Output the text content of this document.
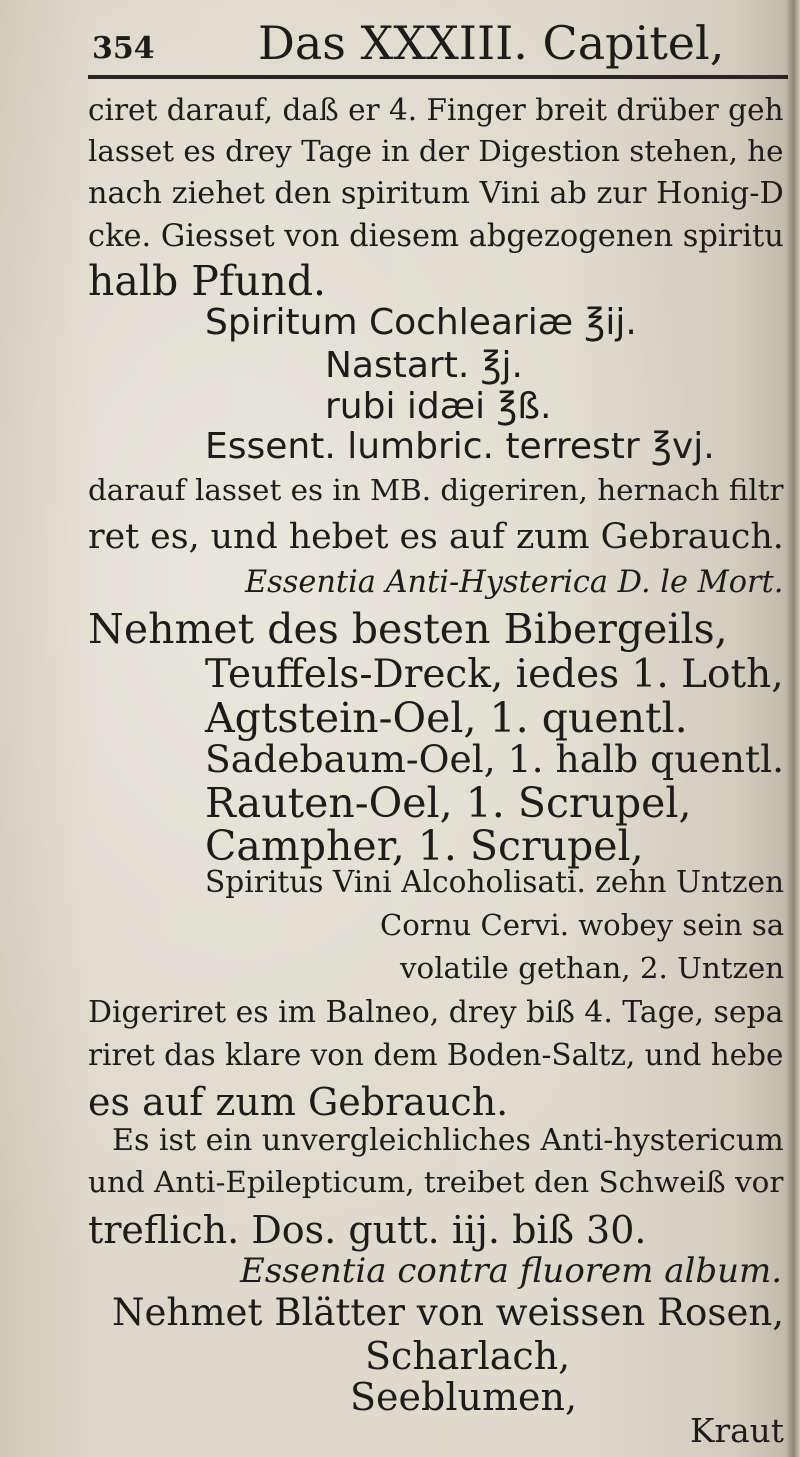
354 Das XXXIII. Capitel,
ciret darauf, daß er 4. Finger breit drüber geh
lasset es drey Tage in der Digestion stehen, he
nach ziehet den spiritum Vini ab zur Honig-D
cke. Giesset von diesem abgezogenen spiritu
halb Pfund.
Spiritum Cochleariæ ℥ij.
Nastart. ℥j.
rubi idæi ℥ß.
Essent. lumbric. terrestr ℥vj.
darauf lasset es in MB. digeriren, hernach filtr
ret es, und hebet es auf zum Gebrauch.
Essentia Anti-Hysterica D. le Mort.
Nehmet des besten Bibergeils,
Teuffels-Dreck, iedes 1. Loth,
Agtstein-Oel, 1. quentl.
Sadebaum-Oel, 1. halb quentl.
Rauten-Oel, 1. Scrupel,
Campher, 1. Scrupel,
Spiritus Vini Alcoholisati. zehn Untzen
Cornu Cervi. wobey sein sa
volatile gethan, 2. Untzen
Digeriret es im Balneo, drey biß 4. Tage, sepa
riret das klare von dem Boden-Saltz, und hebe
es auf zum Gebrauch.
Es ist ein unvergleichliches Anti-hystericum
und Anti-Epilepticum, treibet den Schweiß vor
treflich. Dos. gutt. iij. biß 30.
Essentia contra fluorem album.
Nehmet Blätter von weissen Rosen,
Scharlach,
Seeblumen,
Kraut
